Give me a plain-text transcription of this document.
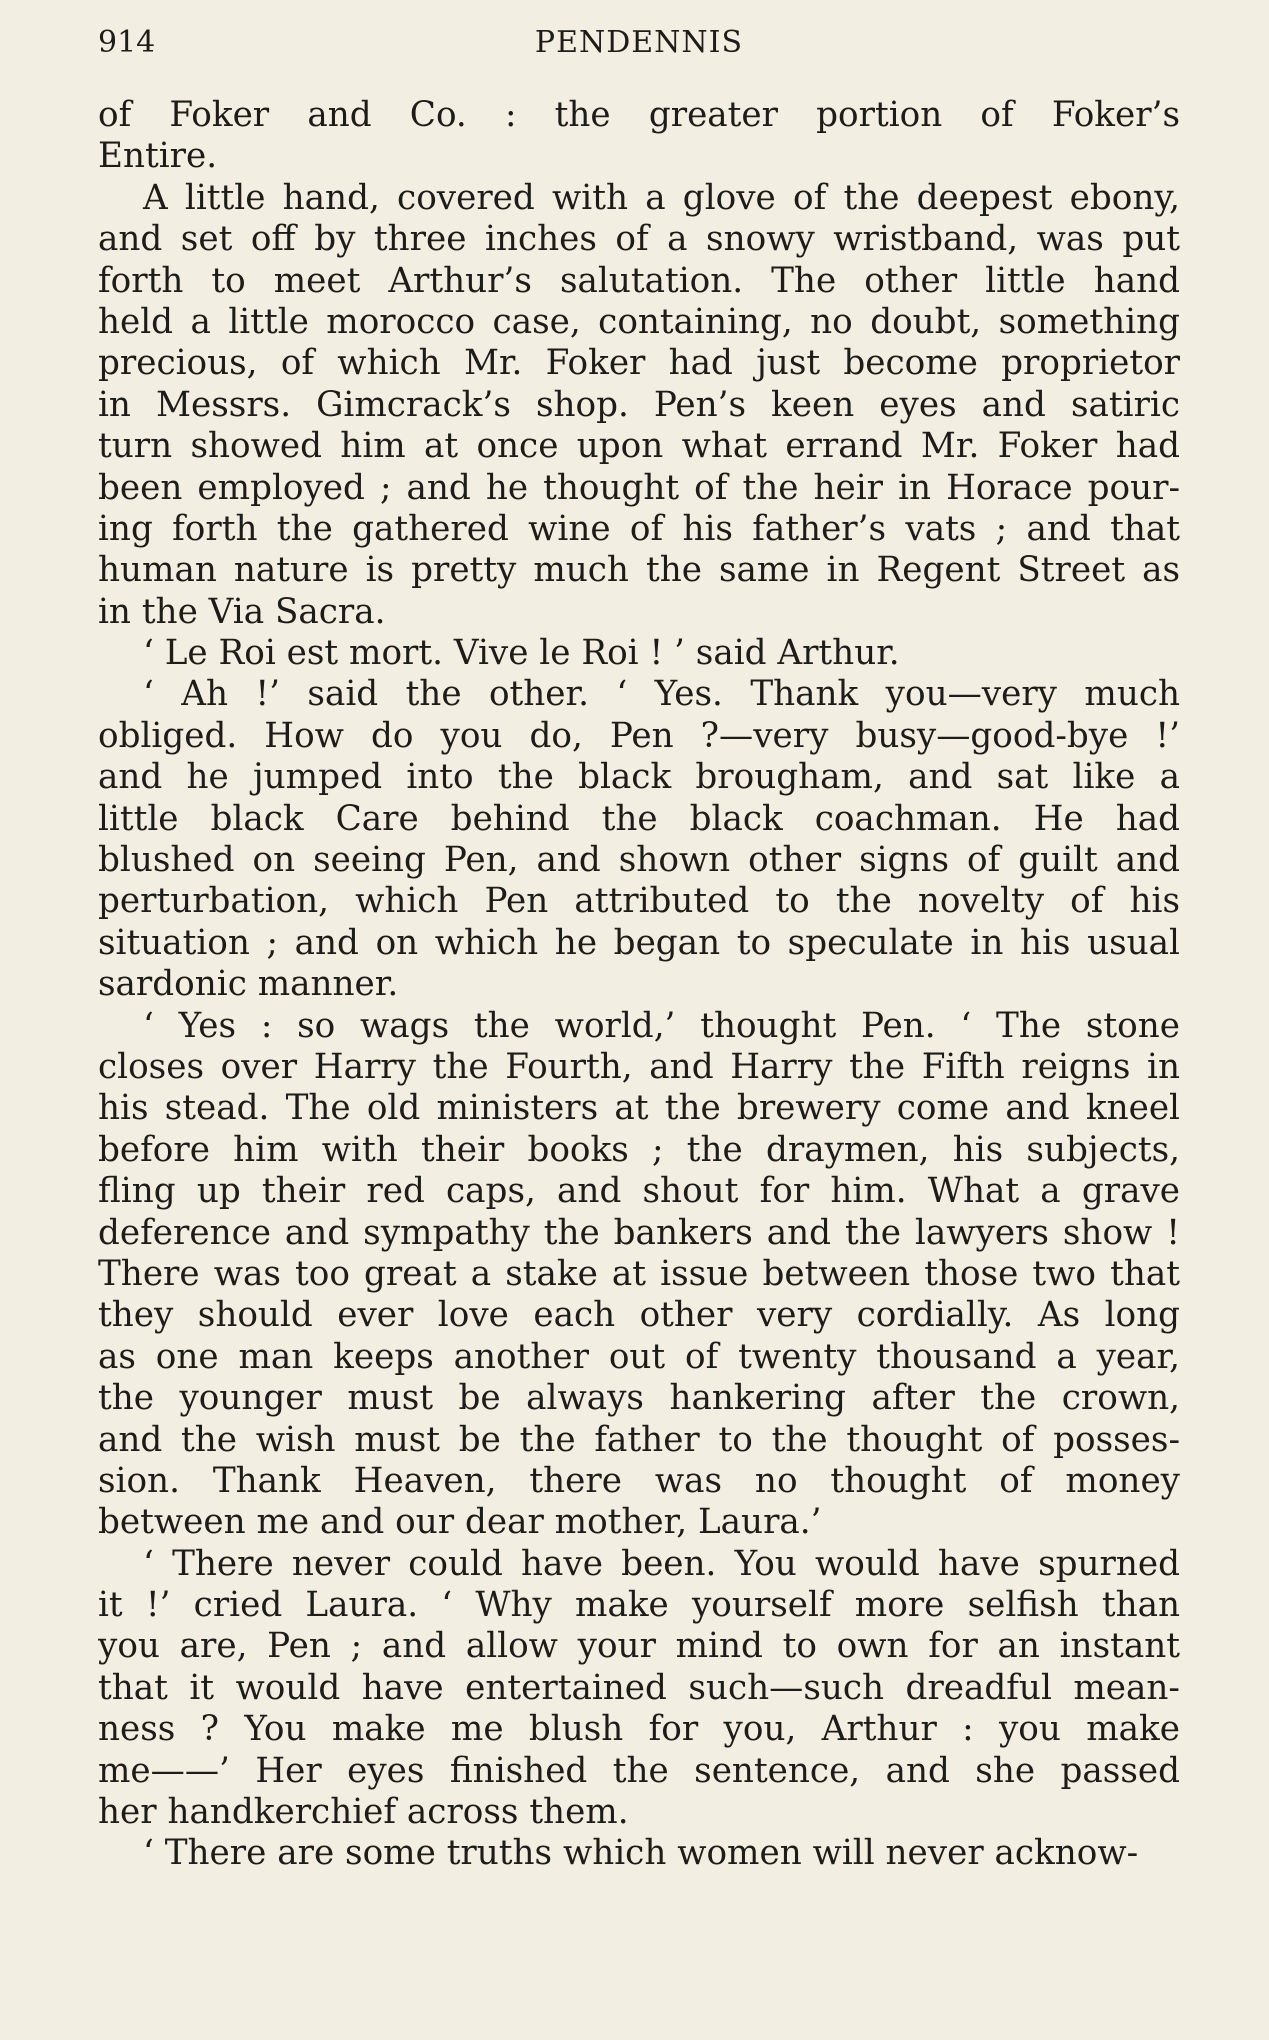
914	PENDENNIS
of Foker and Co. : the greater portion of Foker’s
Entire.
A little hand, covered with a glove of the deepest ebony,
and set off by three inches of a snowy wristband, was put
forth to meet Arthur’s salutation. The other little hand
held a little morocco case, containing, no doubt, something
precious, of which Mr. Foker had just become proprietor
in Messrs. Gimcrack’s shop. Pen’s keen eyes and satiric
turn showed him at once upon what errand Mr. Foker had
been employed ; and he thought of the heir in Horace pour-
ing forth the gathered wine of his father’s vats ; and that
human nature is pretty much the same in Regent Street as
in the Via Sacra.
‘ Le Roi est mort. Vive le Roi ! ’ said Arthur.
‘ Ah !’ said the other. ‘ Yes. Thank you—very much
obliged. How do you do, Pen ?—very busy—good-bye !’
and he jumped into the black brougham, and sat like a
little black Care behind the black coachman. He had
blushed on seeing Pen, and shown other signs of guilt and
perturbation, which Pen attributed to the novelty of his
situation ; and on which he began to speculate in his usual
sardonic manner.
‘ Yes : so wags the world,’ thought Pen. ‘ The stone
closes over Harry the Fourth, and Harry the Fifth reigns in
his stead. The old ministers at the brewery come and kneel
before him with their books ; the draymen, his subjects,
fling up their red caps, and shout for him. What a grave
deference and sympathy the bankers and the lawyers show !
There was too great a stake at issue between those two that
they should ever love each other very cordially. As long
as one man keeps another out of twenty thousand a year,
the younger must be always hankering after the crown,
and the wish must be the father to the thought of posses-
sion. Thank Heaven, there was no thought of money
between me and our dear mother, Laura.’
‘ There never could have been. You would have spurned
it !’ cried Laura. ‘ Why make yourself more selfish than
you are, Pen ; and allow your mind to own for an instant
that it would have entertained such—such dreadful mean-
ness ? You make me blush for you, Arthur : you make
me——’ Her eyes finished the sentence, and she passed
her handkerchief across them.
‘ There are some truths which women will never acknow-
